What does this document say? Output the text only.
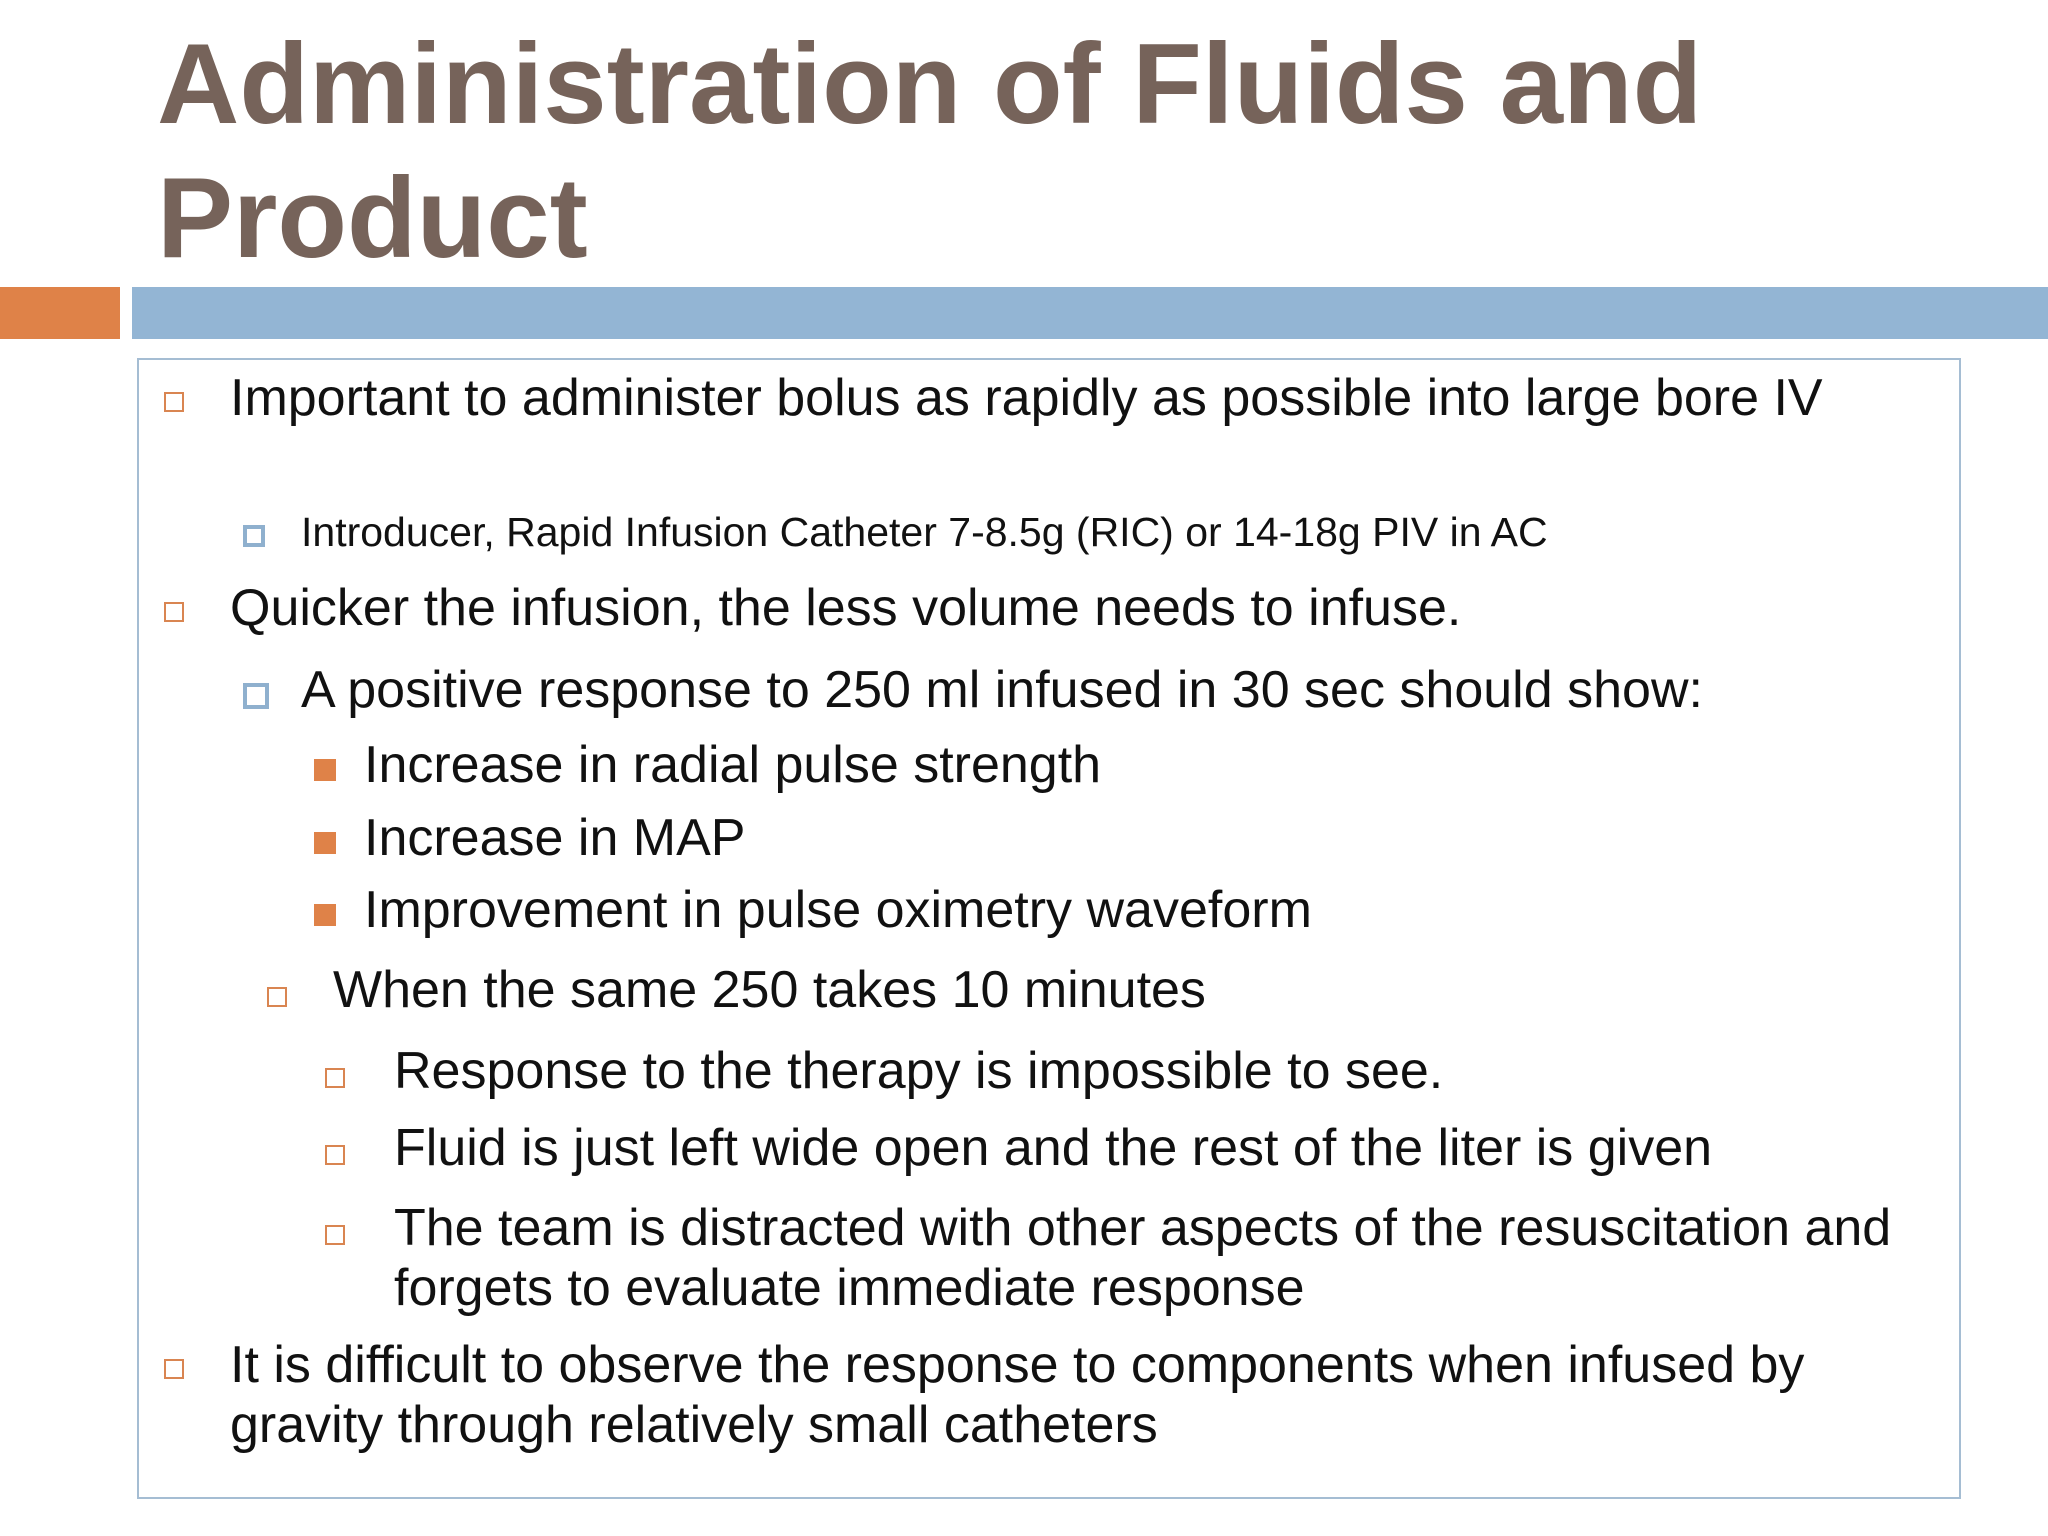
Administration of Fluids and Product
Important to administer bolus as rapidly as possible into large bore IV
Introducer, Rapid Infusion Catheter 7-8.5g (RIC) or 14-18g PIV in AC
Quicker the infusion, the less volume needs to infuse.
A positive response to 250 ml infused in 30 sec should show:
Increase in radial pulse strength
Increase in MAP
Improvement in pulse oximetry waveform
When the same 250 takes 10 minutes
Response to the therapy is impossible to see.
Fluid is just left wide open and the rest of the liter is given
The team is distracted with other aspects of the resuscitation and forgets to evaluate immediate response
It is difficult to observe the response to components when infused by gravity through relatively small catheters
